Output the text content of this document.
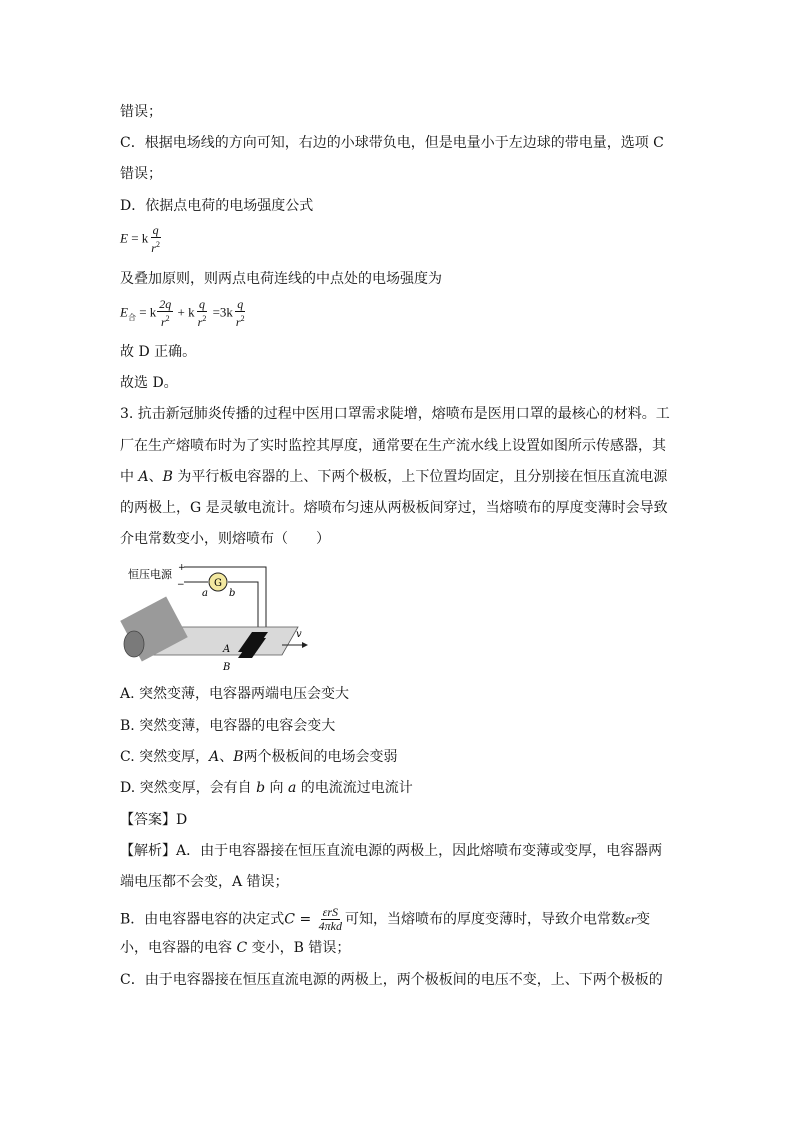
错误；
C．根据电场线的方向可知，右边的小球带负电，但是电量小于左边球的带电量，选项 C
错误；
D．依据点电荷的电场强度公式
E = k $\frac{q}{r^2}$
及叠加原则，则两点电荷连线的中点处的电场强度为
$E_合 = k \frac{2q}{r^2} + k \frac{q}{r^2} =3k \frac{q}{r^2}$
故 D 正确。
故选 D。
3. 抗击新冠肺炎传播的过程中医用口罩需求陡增，熔喷布是医用口罩的最核心的材料。工
厂在生产熔喷布时为了实时监控其厚度，通常要在生产流水线上设置如图所示传感器，其
中 A、B 为平行板电容器的上、下两个极板，上下位置均固定，且分别接在恒压直流电源
的两极上，G 是灵敏电流计。熔喷布匀速从两极板间穿过，当熔喷布的厚度变薄时会导致
介电常数变小，则熔喷布（　　）
恒压电源 +
−	G
a b
A
B
v
A. 突然变薄，电容器两端电压会变大
B. 突然变薄，电容器的电容会变大
C. 突然变厚，A、B两个极板间的电场会变弱
D. 突然变厚，会有自 b 向 a 的电流流过电流计
【答案】D
【解析】A．由于电容器接在恒压直流电源的两极上，因此熔喷布变薄或变厚，电容器两
端电压都不会变，A 错误；
B．由电容器电容的决定式$C = \frac{\text{εrS}}{\text{4πkd}}$ 可知，当熔喷布的厚度变薄时，导致介电常数εr变
小，电容器的电容 C 变小，B 错误；
C．由于电容器接在恒压直流电源的两极上，两个极板间的电压不变，上、下两个极板的
